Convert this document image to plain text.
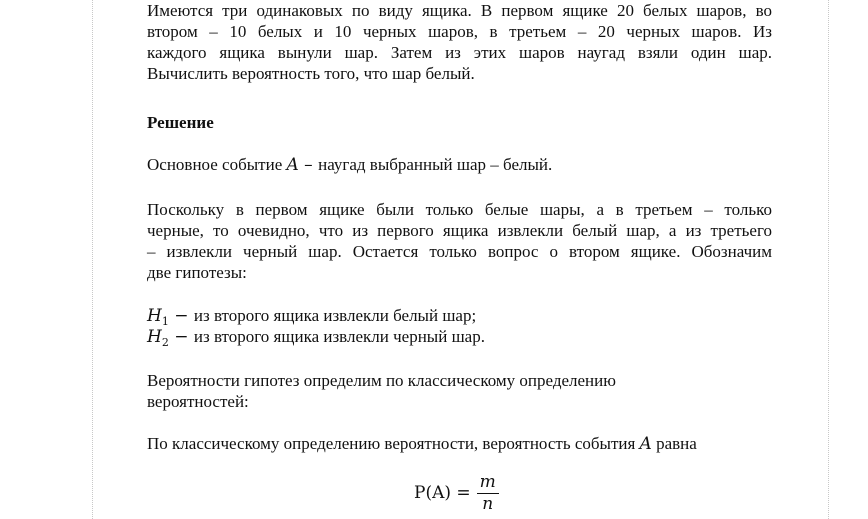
Имеются три одинаковых по виду ящика. В первом ящике 20 белых шаров, во
втором – 10 белых и 10 черных шаров, в третьем – 20 черных шаров. Из
каждого ящика вынули шар. Затем из этих шаров наугад взяли один шар.
Вычислить вероятность того, что шар белый.
Решение
Основное событие A – наугад выбранный шар – белый.
Поскольку в первом ящике были только белые шары, а в третьем – только
черные, то очевидно, что из первого ящика извлекли белый шар, а из третьего
– извлекли черный шар. Остается только вопрос о втором ящике. Обозначим
две гипотезы:
$H_1$ − из второго ящика извлекли белый шар;
$H_2$ − из второго ящика извлекли черный шар.
Вероятности гипотез определим по классическому определению
вероятностей:
По классическому определению вероятности, вероятность события A равна
$P(A) = \frac{m}{n}$
